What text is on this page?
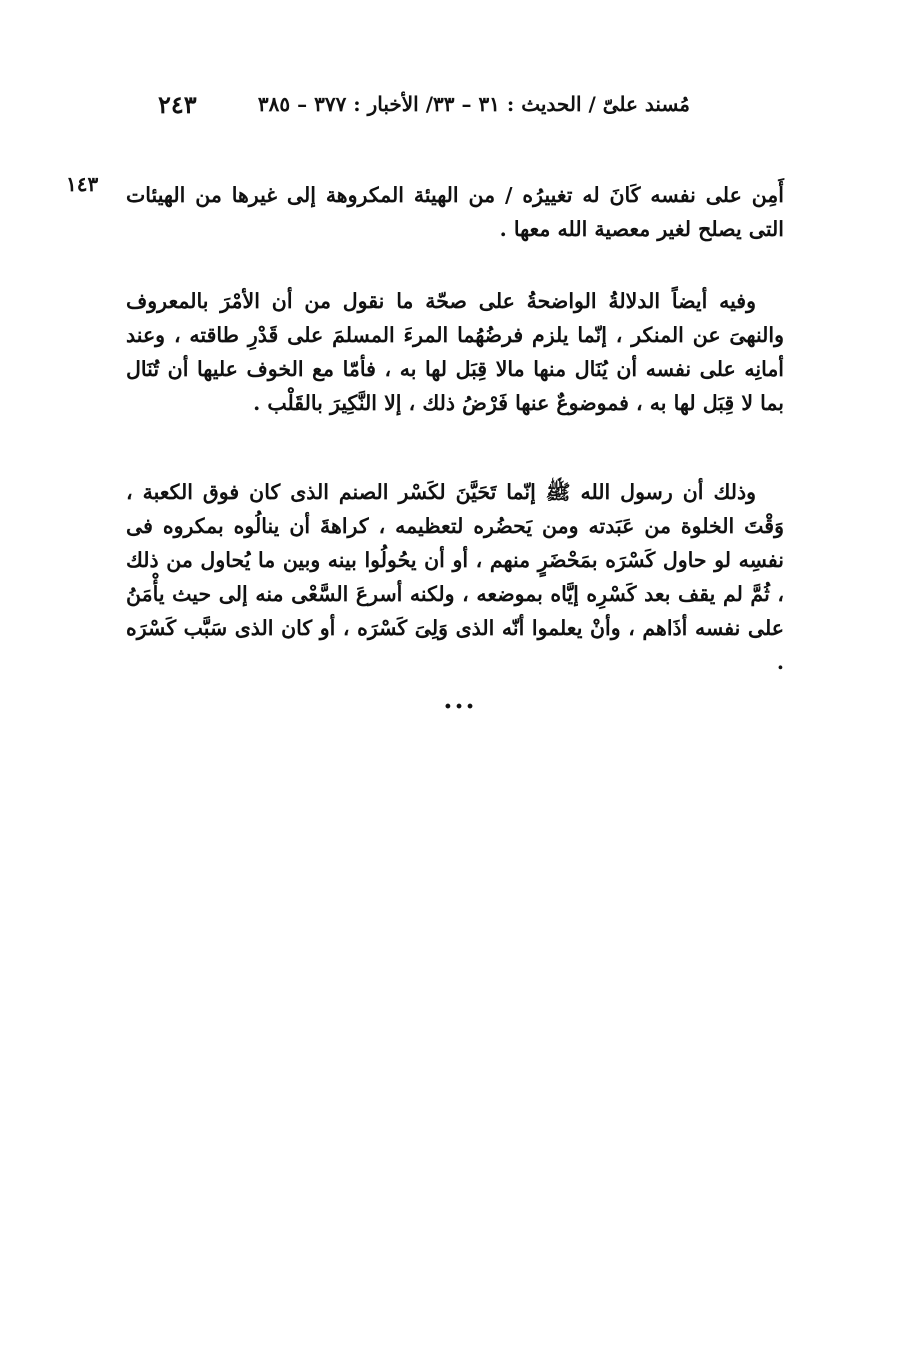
مُسند علىّ / الحديث : ٣١ – ٣٣/ الأخبار : ٣٧٧ – ٣٨٥
٢٤٣
١٤٣ أَمِن على نفسه كَانَ له تغييرُه / من الهيئة المكروهة إلى غيرها من الهيئات التى يصلح لغير معصية الله معها .

وفيه أيضاً الدلالةُ الواضحةُ على صحّة ما نقول من أن الأمْرَ بالمعروف والنهىَ عن المنكر ، إنّما يلزم فرضُهُما المرءَ المسلمَ على قَدْرِ طاقته ، وعند أمانِه على نفسه أن يُنَال منها مالا قِبَل لها به ، فأمّا مع الخوف عليها أن تُنَال بما لا قِبَل لها به ، فموضوعٌ عنها فَرْضُ ذلك ، إلا النَّكِيرَ بالقَلْب .

وذلك أن رسول الله ﷺ إنّما تَحَيَّنَ لكَسْر الصنم الذى كان فوق الكعبة ، وَقْتَ الخلوة من عَبَدته ومن يَحضُره لتعظيمه ، كراهةَ أن ينالُوه بمكروه فى نفسِه لو حاول كَسْرَه بمَحْضَرٍ منهم ، أو أن يحُولُوا بينه وبين ما يُحاول من ذلك ، ثُمَّ لم يقف بعد كَسْرِه إيَّاه بموضعه ، ولكنه أسرعَ السَّعْى منه إلى حيث يأْمَنُ على نفسه أذَاهم ، وأنْ يعلموا أنّه الذى وَلِىَ كَسْرَه ، أو كان الذى سَبَّب كَسْرَه .

...
